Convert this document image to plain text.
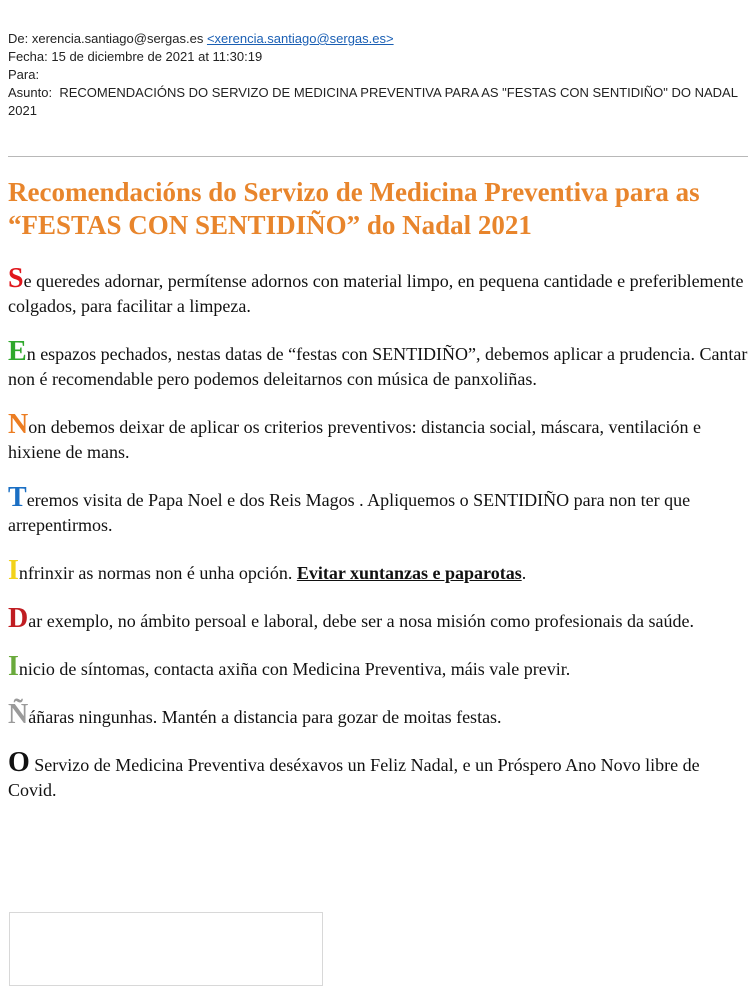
De: xerencia.santiago@sergas.es <xerencia.santiago@sergas.es>

Fecha: 15 de diciembre de 2021 at 11:30:19

Para:

Asunto: RECOMENDACIÓNS DO SERVIZO DE MEDICINA PREVENTIVA PARA AS "FESTAS CON SENTIDIÑO" DO NADAL 2021

Recomendacións do Servizo de Medicina Preventiva para as “FESTAS CON SENTIDIÑO” do Nadal 2021

Se queredes adornar, permítense adornos con material limpo, en pequena cantidade e preferiblemente colgados, para facilitar a limpeza.

En espazos pechados, nestas datas de “festas con SENTIDIÑO”, debemos aplicar a prudencia. Cantar non é recomendable pero podemos deleitarnos con música de panxoliñas.

Non debemos deixar de aplicar os criterios preventivos: distancia social, máscara, ventilación e hixiene de mans.

Teremos visita de Papa Noel e dos Reis Magos . Apliquemos o SENTIDIÑO para non ter que arrepentirmos.

Infrinxir as normas non é unha opción. Evitar xuntanzas e paparotas.

Dar exemplo, no ámbito persoal e laboral, debe ser a nosa misión como profesionais da saúde.

Inicio de síntomas, contacta axiña con Medicina Preventiva, máis vale previr.

Ñáñaras ningunhas. Mantén a distancia para gozar de moitas festas.

O Servizo de Medicina Preventiva deséxavos un Feliz Nadal, e un Próspero Ano Novo libre de Covid.
